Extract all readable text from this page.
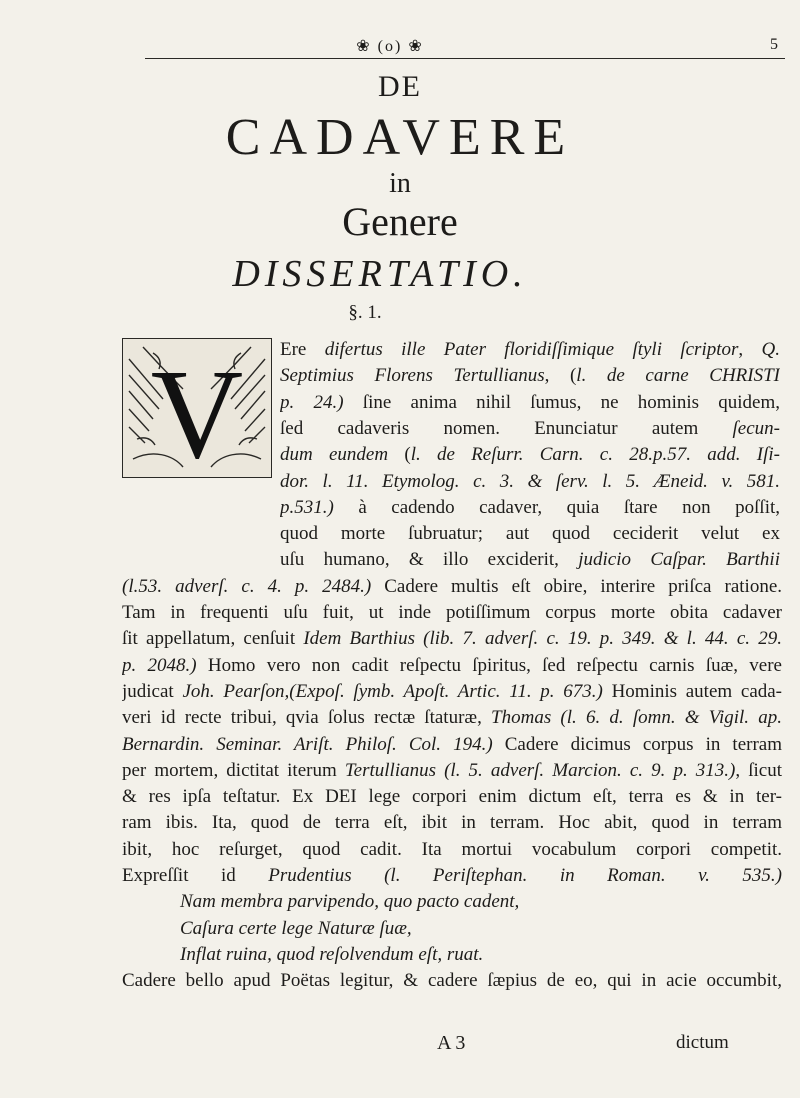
❀ (o) ❀	5
DE
CADAVERE
in
Genere
DISSERTATIO.
§. 1.
V Ere difertus ille Pater floridiſſimique ſtyli ſcriptor, Q.
Septimius Florens Tertullianus, (l. de carne CHRISTI
p. 24.) ſine anima nihil ſumus, ne hominis quidem,
ſed cadaveris nomen. Enunciatur autem ſecun-
dum eundem (l. de Reſurr. Carn. c. 28.p.57. add. Iſi-
dor. l. 11. Etymolog. c. 3. & ſerv. l. 5. Æneid. v. 581.
p.531.) à cadendo cadaver, quia ſtare non poſſit,
quod morte ſubruatur; aut quod ceciderit velut ex
uſu humano, & illo exciderit, judicio Caſpar. Barthii
(l.53. adverſ. c. 4. p. 2484.) Cadere multis eſt obire, interire priſca ratione.
Tam in frequenti uſu fuit, ut inde potiſſimum corpus morte obita cadaver
ſit appellatum, cenſuit Idem Barthius (lib. 7. adverſ. c. 19. p. 349. & l. 44. c. 29.
p. 2048.) Homo vero non cadit reſpectu ſpiritus, ſed reſpectu carnis ſuæ, vere
judicat Joh. Pearſon,(Expoſ. ſymb. Apoſt. Artic. 11. p. 673.) Hominis autem cada-
veri id recte tribui, qvia ſolus rectæ ſtaturæ, Thomas (l. 6. d. ſomn. & Vigil. ap.
Bernardin. Seminar. Ariſt. Philoſ. Col. 194.) Cadere dicimus corpus in terram
per mortem, dictitat iterum Tertullianus (l. 5. adverſ. Marcion. c. 9. p. 313.), ſicut
& res ipſa teſtatur. Ex DEI lege corpori enim dictum eſt, terra es & in ter-
ram ibis. Ita, quod de terra eſt, ibit in terram. Hoc abit, quod in terram
ibit, hoc reſurget, quod cadit. Ita mortui vocabulum corpori competit.
Expreſſit id Prudentius (l. Periſtephan. in Roman. v. 535.)
Nam membra parvipendo, quo pacto cadent,
Caſura certe lege Naturæ ſuæ,
Inflat ruina, quod reſolvendum eſt, ruat.
Cadere bello apud Poëtas legitur, & cadere ſæpius de eo, qui in acie occumbit,
A 3	dictum
